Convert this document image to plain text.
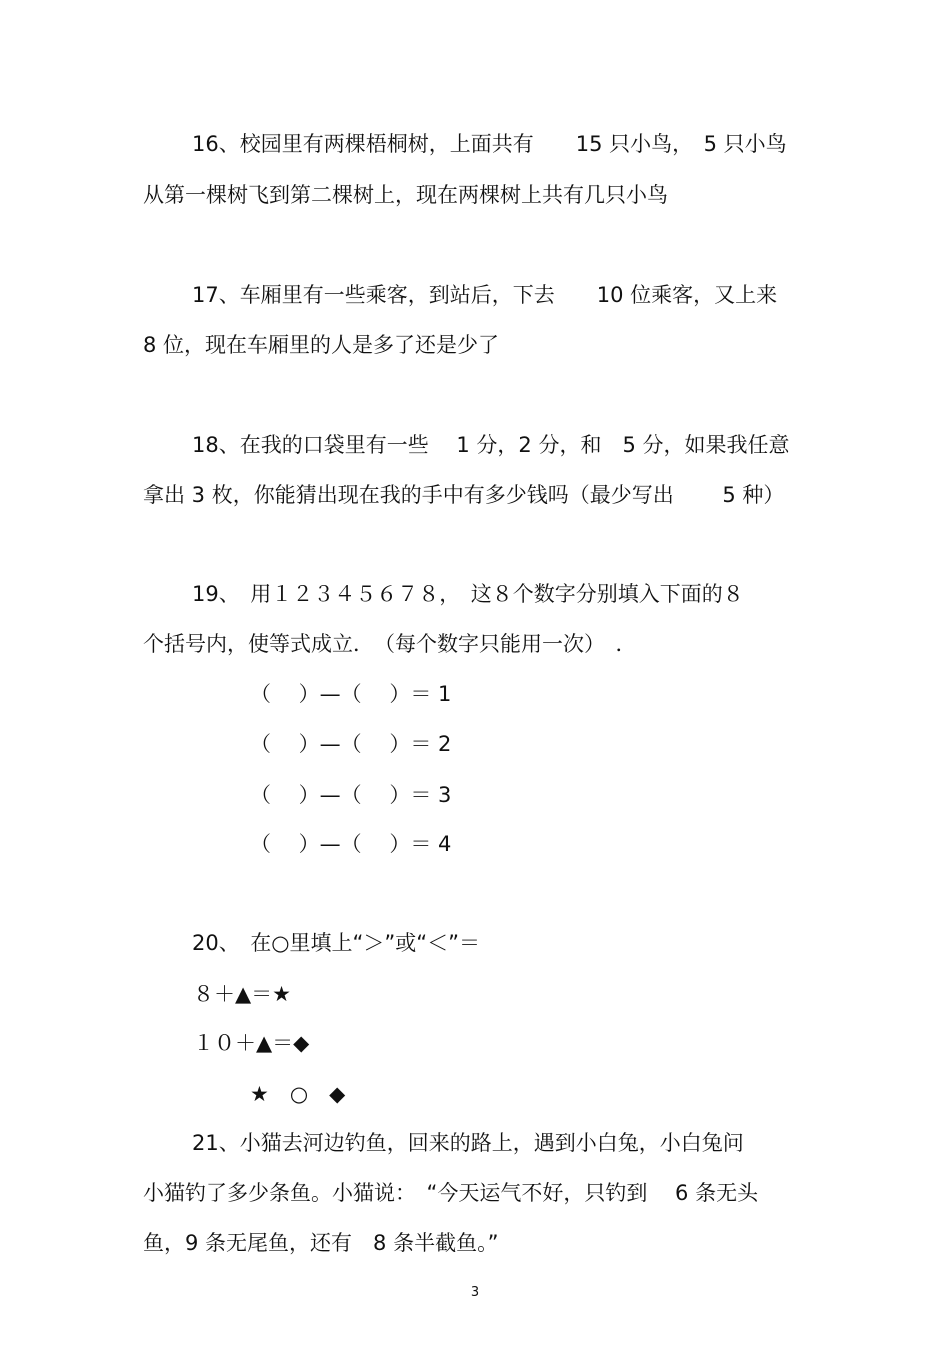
16、校园里有两棵梧桐树，上面共有　　15 只小鸟，　5 只小鸟

从第一棵树飞到第二棵树上，现在两棵树上共有几只小鸟

17、车厢里有一些乘客，到站后，下去　　10 位乘客，又上来

8 位，现在车厢里的人是多了还是少了

18、在我的口袋里有一些　 1 分，2 分，和　5 分，如果我任意

拿出 3 枚，你能猜出现在我的手中有多少钱吗（最少写出　　 5 种）

19、　用１２３４５６７８，　这８个数字分别填入下面的８

个括号内，使等式成立．　（每个数字只能用一次）　．

（　 ）—（　 ）＝ 1

（　 ）—（　 ）＝ 2

（　 ）—（　 ）＝ 3

（　 ）—（　 ）＝ 4

20、　在○里填上“＞”或“＜”＝

８＋▲＝★

１０＋▲＝◆

★　○　◆

21、小猫去河边钓鱼，回来的路上，遇到小白兔，小白兔问

小猫钓了多少条鱼。小猫说：　“今天运气不好，只钓到　 6 条无头

鱼，9 条无尾鱼，还有　8 条半截鱼。”

3
